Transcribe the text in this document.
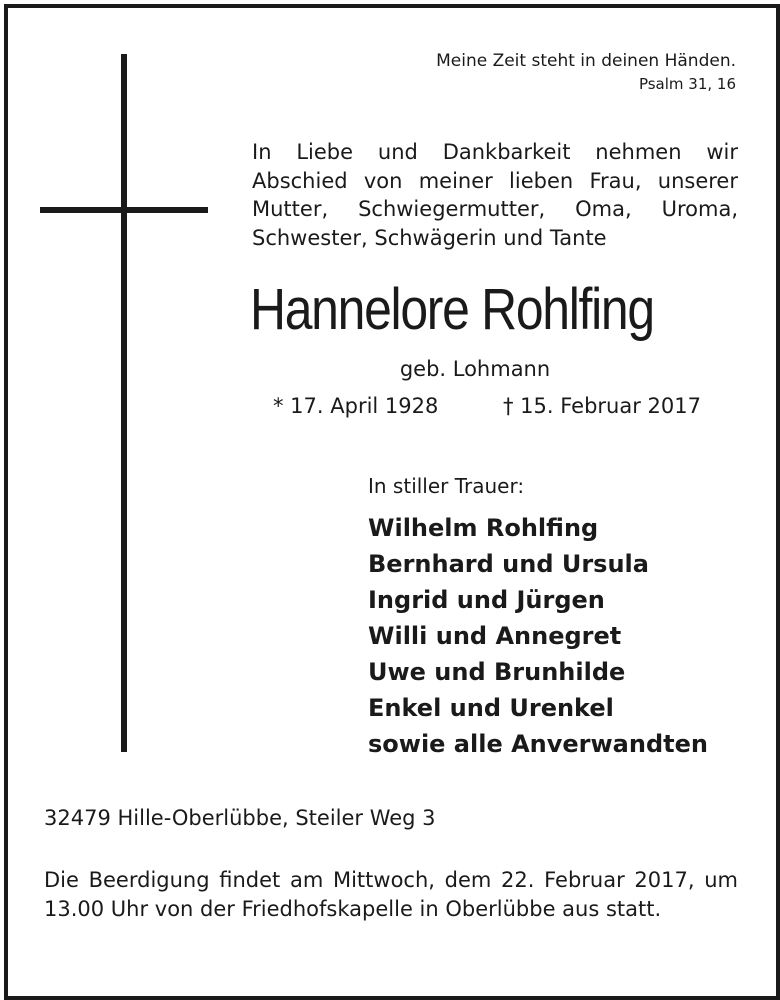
Meine Zeit steht in deinen Händen.
Psalm 31, 16
In Liebe und Dankbarkeit nehmen wir Abschied von meiner lieben Frau, unserer Mutter, Schwiegermutter, Oma, Uroma, Schwester, Schwägerin und Tante
Hannelore Rohlfing
geb. Lohmann
* 17. April 1928	† 15. Februar 2017
In stiller Trauer:
Wilhelm Rohlfing
Bernhard und Ursula
Ingrid und Jürgen
Willi und Annegret
Uwe und Brunhilde
Enkel und Urenkel
sowie alle Anverwandten
32479 Hille-Oberlübbe, Steiler Weg 3
Die Beerdigung findet am Mittwoch, dem 22. Februar 2017, um 13.00 Uhr von der Friedhofskapelle in Oberlübbe aus statt.
